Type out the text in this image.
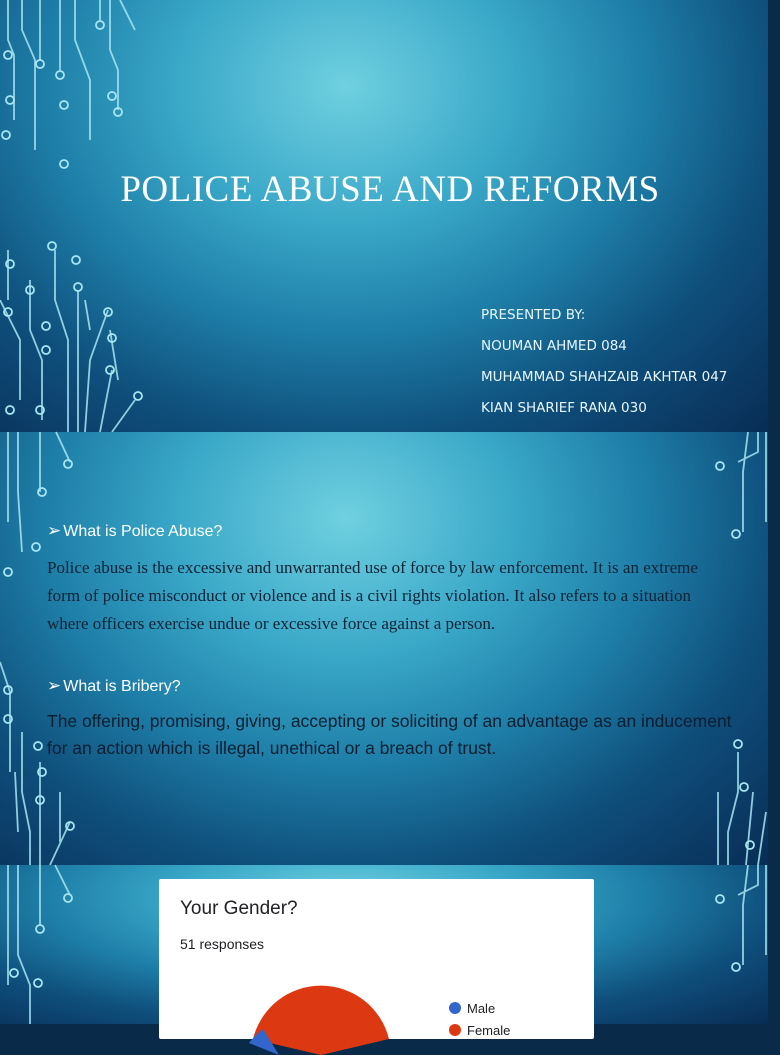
POLICE ABUSE AND REFORMS
PRESENTED BY:
NOUMAN AHMED 084
MUHAMMAD SHAHZAIB AKHTAR 047
KIAN SHARIEF RANA 030
➢ What is Police Abuse?
Police abuse is the excessive and unwarranted use of force by law enforcement. It is an extreme form of police misconduct or violence and is a civil rights violation. It also refers to a situation where officers exercise undue or excessive force against a person.
➢ What is Bribery?
The offering, promising, giving, accepting or soliciting of an advantage as an inducement for an action which is illegal, unethical or a breach of trust.
Your Gender?
51 responses
Male
Female
